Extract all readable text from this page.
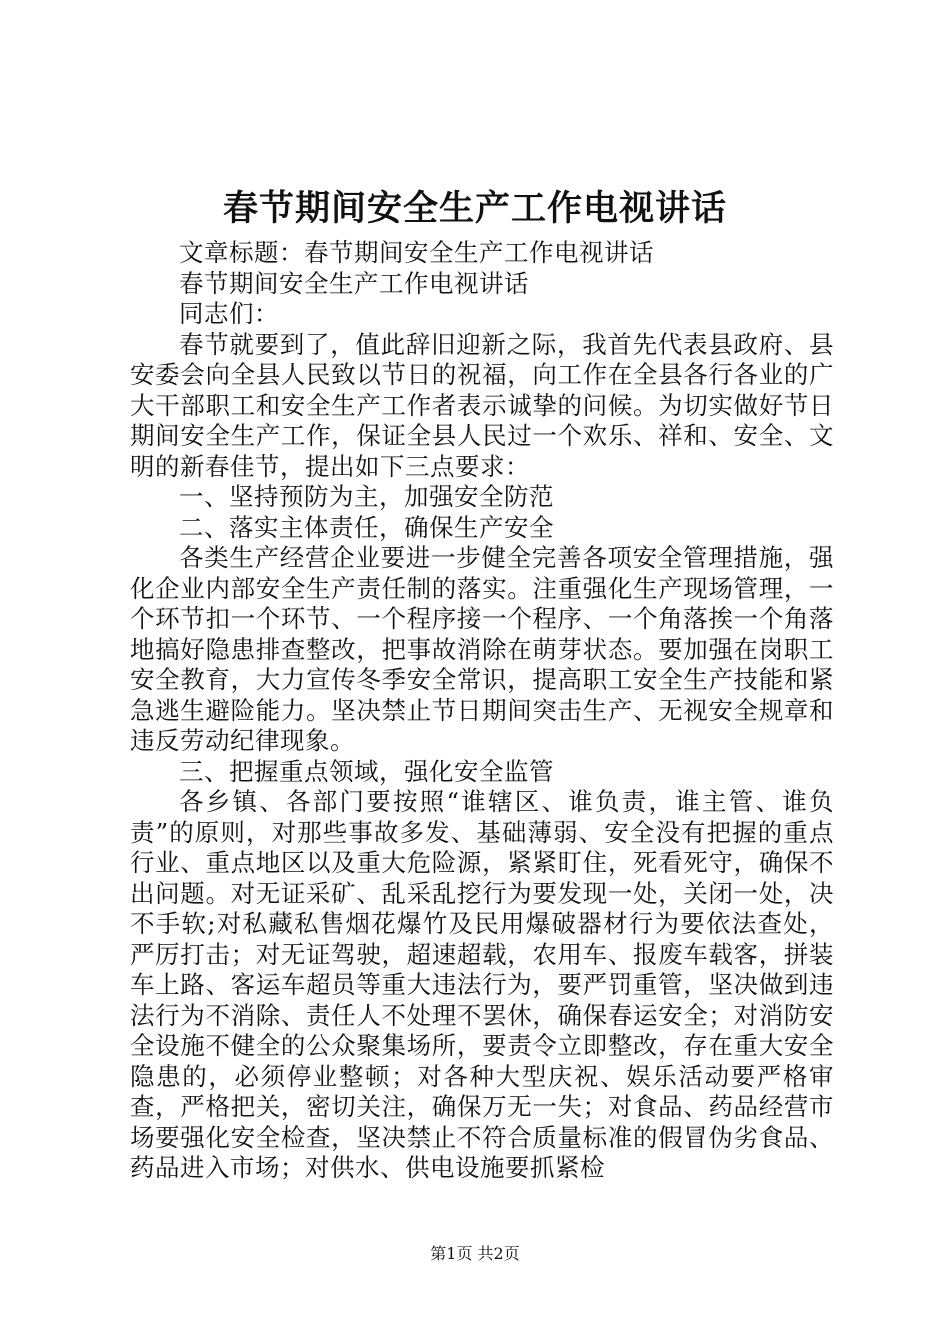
春节期间安全生产工作电视讲话

文章标题：春节期间安全生产工作电视讲话

春节期间安全生产工作电视讲话

同志们：

春节就要到了，值此辞旧迎新之际，我首先代表县政府、县安委会向全县人民致以节日的祝福，向工作在全县各行各业的广大干部职工和安全生产工作者表示诚挚的问候。为切实做好节日期间安全生产工作，保证全县人民过一个欢乐、祥和、安全、文明的新春佳节，提出如下三点要求：

一、坚持预防为主，加强安全防范

二、落实主体责任，确保生产安全

各类生产经营企业要进一步健全完善各项安全管理措施，强化企业内部安全生产责任制的落实。注重强化生产现场管理，一个环节扣一个环节、一个程序接一个程序、一个角落挨一个角落地搞好隐患排查整改，把事故消除在萌芽状态。要加强在岗职工安全教育，大力宣传冬季安全常识，提高职工安全生产技能和紧急逃生避险能力。坚决禁止节日期间突击生产、无视安全规章和违反劳动纪律现象。

三、把握重点领域，强化安全监管

各乡镇、各部门要按照“谁辖区、谁负责，谁主管、谁负责”的原则，对那些事故多发、基础薄弱、安全没有把握的重点行业、重点地区以及重大危险源，紧紧盯住，死看死守，确保不出问题。对无证采矿、乱采乱挖行为要发现一处，关闭一处，决不手软;对私藏私售烟花爆竹及民用爆破器材行为要依法查处，严厉打击；对无证驾驶，超速超载，农用车、报废车载客，拼装车上路、客运车超员等重大违法行为，要严罚重管，坚决做到违法行为不消除、责任人不处理不罢休，确保春运安全；对消防安全设施不健全的公众聚集场所，要责令立即整改，存在重大安全隐患的，必须停业整顿；对各种大型庆祝、娱乐活动要严格审查，严格把关，密切关注，确保万无一失；对食品、药品经营市场要强化安全检查，坚决禁止不符合质量标准的假冒伪劣食品、药品进入市场；对供水、供电设施要抓紧检

第1页 共2页
